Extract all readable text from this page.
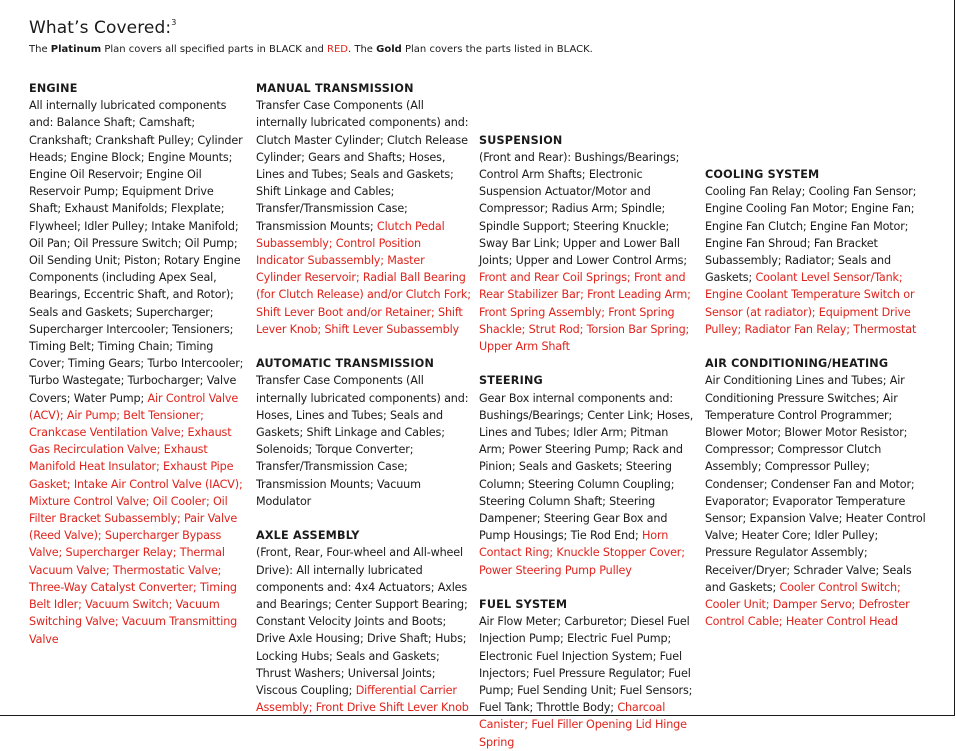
What’s Covered:$^3$
The Platinum Plan covers all specified parts in BLACK and RED. The Gold Plan covers the parts listed in BLACK.
ENGINE

All internally lubricated components and: Balance Shaft; Camshaft; Crankshaft; Crankshaft Pulley; Cylinder Heads; Engine Block; Engine Mounts; Engine Oil Reservoir; Engine Oil Reservoir Pump; Equipment Drive Shaft; Exhaust Manifolds; Flexplate; Flywheel; Idler Pulley; Intake Manifold; Oil Pan; Oil Pressure Switch; Oil Pump; Oil Sending Unit; Piston; Rotary Engine Components (including Apex Seal, Bearings, Eccentric Shaft, and Rotor); Seals and Gaskets; Supercharger; Supercharger Intercooler; Tensioners; Timing Belt; Timing Chain; Timing Cover; Timing Gears; Turbo Intercooler; Turbo Wastegate; Turbocharger; Valve Covers; Water Pump; Air Control Valve (ACV); Air Pump; Belt Tensioner; Crankcase Ventilation Valve; Exhaust Gas Recirculation Valve; Exhaust Manifold Heat Insulator; Exhaust Pipe Gasket; Intake Air Control Valve (IACV); Mixture Control Valve; Oil Cooler; Oil Filter Bracket Subassembly; Pair Valve (Reed Valve); Supercharger Bypass Valve; Supercharger Relay; Thermal Vacuum Valve; Thermostatic Valve; Three-Way Catalyst Converter; Timing Belt Idler; Vacuum Switch; Vacuum Switching Valve; Vacuum Transmitting Valve

MANUAL TRANSMISSION

Transfer Case Components (All internally lubricated components) and: Clutch Master Cylinder; Clutch Release Cylinder; Gears and Shafts; Hoses, Lines and Tubes; Seals and Gaskets; Shift Linkage and Cables; Transfer/Transmission Case; Transmission Mounts; Clutch Pedal Subassembly; Control Position Indicator Subassembly; Master Cylinder Reservoir; Radial Ball Bearing (for Clutch Release) and/or Clutch Fork; Shift Lever Boot and/or Retainer; Shift Lever Knob; Shift Lever Subassembly

AUTOMATIC TRANSMISSION

Transfer Case Components (All internally lubricated components) and: Hoses, Lines and Tubes; Seals and Gaskets; Shift Linkage and Cables; Solenoids; Torque Converter; Transfer/Transmission Case; Transmission Mounts; Vacuum Modulator

AXLE ASSEMBLY

(Front, Rear, Four-wheel and All-wheel Drive): All internally lubricated components and: 4x4 Actuators; Axles and Bearings; Center Support Bearing; Constant Velocity Joints and Boots; Drive Axle Housing; Drive Shaft; Hubs; Locking Hubs; Seals and Gaskets; Thrust Washers; Universal Joints; Viscous Coupling; Differential Carrier Assembly; Front Drive Shift Lever Knob

SUSPENSION

(Front and Rear): Bushings/Bearings; Control Arm Shafts; Electronic Suspension Actuator/Motor and Compressor; Radius Arm; Spindle; Spindle Support; Steering Knuckle; Sway Bar Link; Upper and Lower Ball Joints; Upper and Lower Control Arms; Front and Rear Coil Springs; Front and Rear Stabilizer Bar; Front Leading Arm; Front Spring Assembly; Front Spring Shackle; Strut Rod; Torsion Bar Spring; Upper Arm Shaft

STEERING

Gear Box internal components and: Bushings/Bearings; Center Link; Hoses, Lines and Tubes; Idler Arm; Pitman Arm; Power Steering Pump; Rack and Pinion; Seals and Gaskets; Steering Column; Steering Column Coupling; Steering Column Shaft; Steering Dampener; Steering Gear Box and Pump Housings; Tie Rod End; Horn Contact Ring; Knuckle Stopper Cover; Power Steering Pump Pulley

FUEL SYSTEM

Air Flow Meter; Carburetor; Diesel Fuel Injection Pump; Electric Fuel Pump; Electronic Fuel Injection System; Fuel Injectors; Fuel Pressure Regulator; Fuel Pump; Fuel Sending Unit; Fuel Sensors; Fuel Tank; Throttle Body; Charcoal Canister; Fuel Filler Opening Lid Hinge Spring

COOLING SYSTEM

Cooling Fan Relay; Cooling Fan Sensor; Engine Cooling Fan Motor; Engine Fan; Engine Fan Clutch; Engine Fan Motor; Engine Fan Shroud; Fan Bracket Subassembly; Radiator; Seals and Gaskets; Coolant Level Sensor/Tank; Engine Coolant Temperature Switch or Sensor (at radiator); Equipment Drive Pulley; Radiator Fan Relay; Thermostat

AIR CONDITIONING/HEATING

Air Conditioning Lines and Tubes; Air Conditioning Pressure Switches; Air Temperature Control Programmer; Blower Motor; Blower Motor Resistor; Compressor; Compressor Clutch Assembly; Compressor Pulley; Condenser; Condenser Fan and Motor; Evaporator; Evaporator Temperature Sensor; Expansion Valve; Heater Control Valve; Heater Core; Idler Pulley; Pressure Regulator Assembly; Receiver/Dryer; Schrader Valve; Seals and Gaskets; Cooler Control Switch; Cooler Unit; Damper Servo; Defroster Control Cable; Heater Control Head
